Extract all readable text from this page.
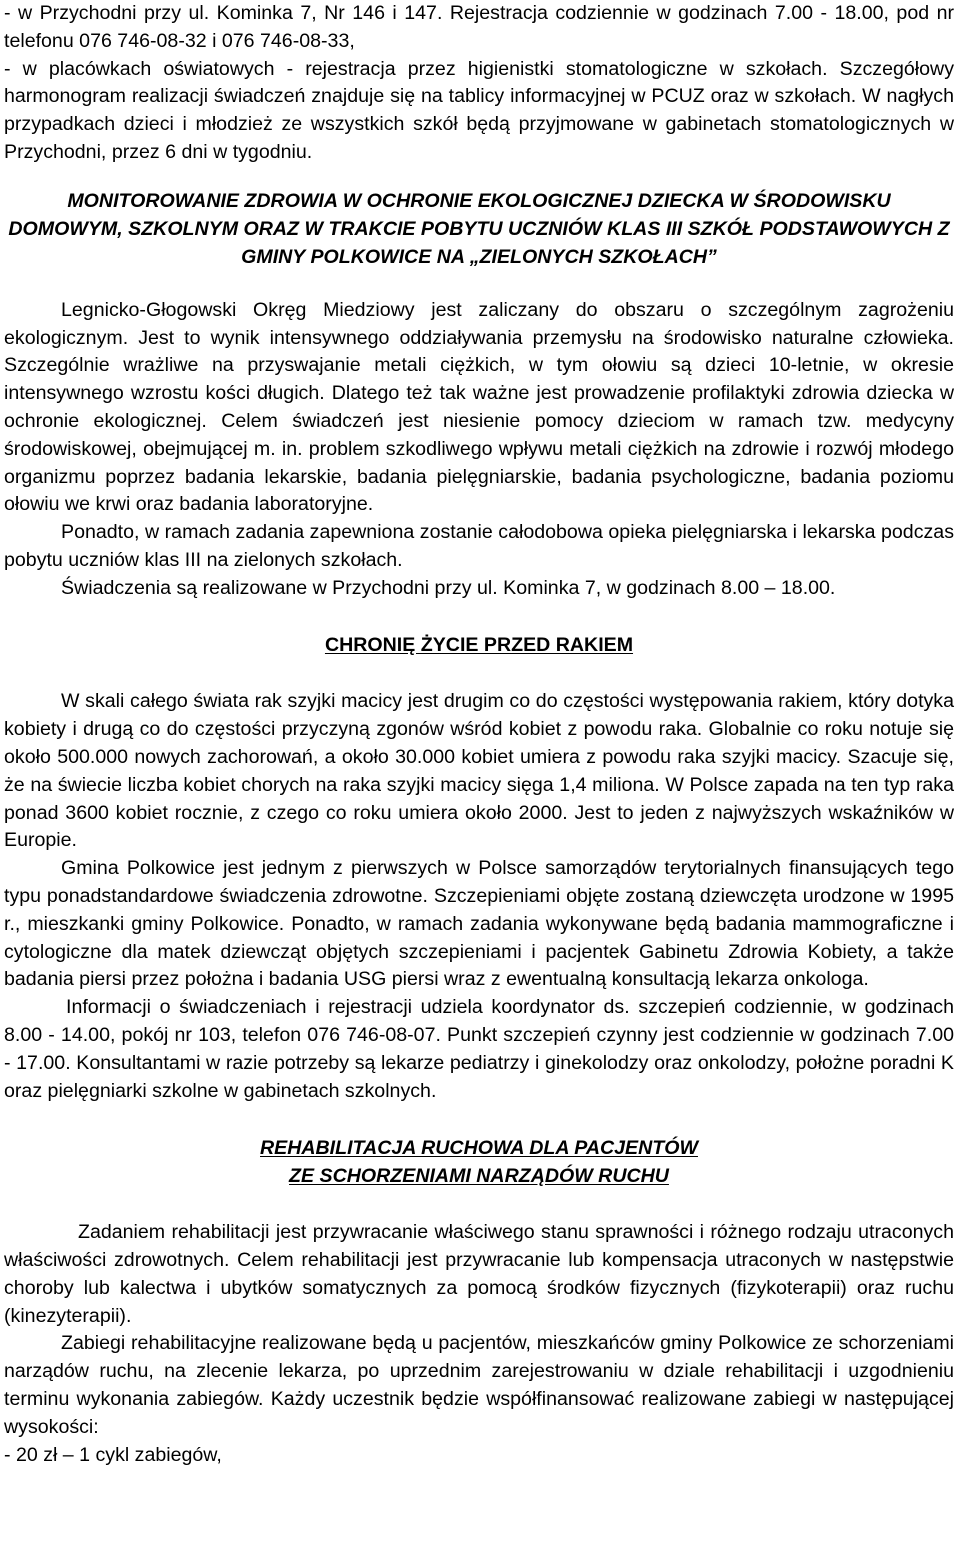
- w Przychodni przy ul. Kominka 7, Nr 146 i 147. Rejestracja codziennie w godzinach 7.00 - 18.00, pod nr telefonu 076 746-08-32 i 076 746-08-33,

- w placówkach oświatowych - rejestracja przez higienistki stomatologiczne w szkołach. Szczegółowy harmonogram realizacji świadczeń znajduje się na tablicy informacyjnej w PCUZ oraz w szkołach. W nagłych przypadkach dzieci i młodzież ze wszystkich szkół będą przyjmowane w gabinetach stomatologicznych w Przychodni, przez 6 dni w tygodniu.

MONITOROWANIE ZDROWIA W OCHRONIE EKOLOGICZNEJ DZIECKA W ŚRODOWISKU DOMOWYM, SZKOLNYM ORAZ W TRAKCIE POBYTU UCZNIÓW KLAS III SZKÓŁ PODSTAWOWYCH Z GMINY POLKOWICE NA „ZIELONYCH SZKOŁACH”

Legnicko-Głogowski Okręg Miedziowy jest zaliczany do obszaru o szczególnym zagrożeniu ekologicznym. Jest to wynik intensywnego oddziaływania przemysłu na środowisko naturalne człowieka. Szczególnie wrażliwe na przyswajanie metali ciężkich, w tym ołowiu są dzieci 10-letnie, w okresie intensywnego wzrostu kości długich. Dlatego też tak ważne jest prowadzenie profilaktyki zdrowia dziecka w ochronie ekologicznej. Celem świadczeń jest niesienie pomocy dzieciom w ramach tzw. medycyny środowiskowej, obejmującej m. in. problem szkodliwego wpływu metali ciężkich na zdrowie i rozwój młodego organizmu poprzez badania lekarskie, badania pielęgniarskie, badania psychologiczne, badania poziomu ołowiu we krwi oraz badania laboratoryjne.

Ponadto, w ramach zadania zapewniona zostanie całodobowa opieka pielęgniarska i lekarska podczas pobytu uczniów klas III na zielonych szkołach.

Świadczenia są realizowane w Przychodni przy ul. Kominka 7, w godzinach 8.00 – 18.00.

CHRONIĘ ŻYCIE PRZED RAKIEM

W skali całego świata rak szyjki macicy jest drugim co do częstości występowania rakiem, który dotyka kobiety i drugą co do częstości przyczyną zgonów wśród kobiet z powodu raka. Globalnie co roku notuje się około 500.000 nowych zachorowań, a około 30.000 kobiet umiera z powodu raka szyjki macicy. Szacuje się, że na świecie liczba kobiet chorych na raka szyjki macicy sięga 1,4 miliona. W Polsce zapada na ten typ raka ponad 3600 kobiet rocznie, z czego co roku umiera około 2000. Jest to jeden z najwyższych wskaźników w Europie.

Gmina Polkowice jest jednym z pierwszych w Polsce samorządów terytorialnych finansujących tego typu ponadstandardowe świadczenia zdrowotne. Szczepieniami objęte zostaną dziewczęta urodzone w 1995 r., mieszkanki gminy Polkowice. Ponadto, w ramach zadania wykonywane będą badania mammograficzne i cytologiczne dla matek dziewcząt objętych szczepieniami i pacjentek Gabinetu Zdrowia Kobiety, a także badania piersi przez położna i badania USG piersi wraz z ewentualną konsultacją lekarza onkologa.

Informacji o świadczeniach i rejestracji udziela koordynator ds. szczepień codziennie, w godzinach 8.00 - 14.00, pokój nr 103, telefon 076 746-08-07. Punkt szczepień czynny jest codziennie w godzinach 7.00 - 17.00. Konsultantami w razie potrzeby są lekarze pediatrzy i ginekolodzy oraz onkolodzy, położne poradni K oraz pielęgniarki szkolne w gabinetach szkolnych.

REHABILITACJA RUCHOWA DLA PACJENTÓW

ZE SCHORZENIAMI NARZĄDÓW RUCHU

Zadaniem rehabilitacji jest przywracanie właściwego stanu sprawności i różnego rodzaju utraconych właściwości zdrowotnych. Celem rehabilitacji jest przywracanie lub kompensacja utraconych w następstwie choroby lub kalectwa i ubytków somatycznych za pomocą środków fizycznych (fizykoterapii) oraz ruchu (kinezyterapii).

Zabiegi rehabilitacyjne realizowane będą u pacjentów, mieszkańców gminy Polkowice ze schorzeniami narządów ruchu, na zlecenie lekarza, po uprzednim zarejestrowaniu w dziale rehabilitacji i uzgodnieniu terminu wykonania zabiegów. Każdy uczestnik będzie współfinansować realizowane zabiegi w następującej wysokości:

- 20 zł – 1 cykl zabiegów,
